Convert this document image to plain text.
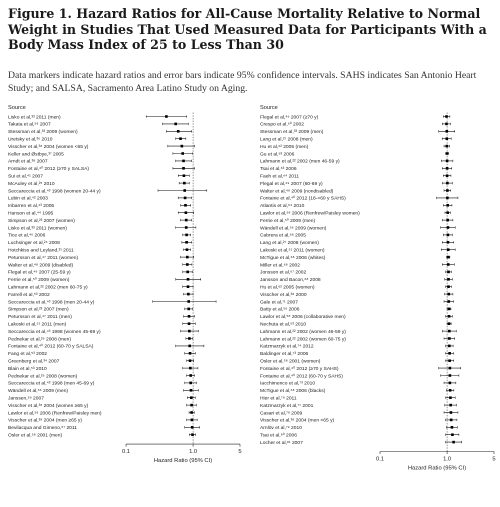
Figure 1. Hazard Ratios for All-Cause Mortality Relative to Normal Weight in Studies That Used Measured Data for Participants With a Body Mass Index of 25 to Less Than 30

Data markers indicate hazard ratios and error bars indicate 95% confidence intervals. SAHS indicates San Antonio Heart Study; and SALSA, Sacramento Area Latino Study on Aging.

Source
Lisko et al,³³ 2011 (men)
Takata et al,⁵⁸ 2007
Stessman et al,³³ 2009 (women)
Uretsky et al,³⁶ 2010
Visscher et al,³⁸ 2004 (women <65 y)
Keller and Østbye,³⁷ 2005
Arndt et al,³⁸ 2007
Fontaine et al,⁴⁰ 2012 (≥70 y SALSA)
Sui et al,⁴¹ 2007
McAuley et al,²⁵ 2010
Seccareccia et al,⁴³ 1998 (women 20-44 y)
Lubin et al,⁴² 2003
Inbarren et al,⁴³ 2005
Hanson et al,⁴⁴ 1995
Simpson et al,²³ 2007 (women)
Lisko et al,³³ 2011 (women)
Tice et al,⁴⁶ 2006
Luchsinger et al,²⁴ 2008
Hotchkiss and Leyland,³¹ 2011
Petursson et al,⁴⁷ 2011 (women)
Walter et al,⁴⁸ 2009 (disabled)
Flegal et al,⁴⁹ 2007 (25-59 y)
Ferrie et al,⁵⁰ 2009 (women)
Lahmann et al,²² 2002 (men 60-75 y)
Farrell et al,⁵³ 2002
Seccareccia et al,⁴³ 1998 (men 20-44 y)
Simpson et al,²³ 2007 (men)
Petursson et al,⁴⁷ 2011 (men)
Lakoski et al,⁵¹ 2011 (men)
Seccareccia et al,⁴³ 1998 (women 45-69 y)
Pednekar et al,²⁹ 2008 (men)
Fontaine et al,⁴⁰ 2012 (60-70 y SALSA)
Fang et al,⁵³ 2002
Greenberg et al,³⁴ 2007
Blain et al,⁵³ 2010
Pednekar et al,²⁹ 2008 (women)
Seccareccia et al,⁴³ 1998 (men 45-69 y)
Wändell et al,⁵⁶ 2009 (men)
Janssen,⁵⁹ 2007
Visscher et al,³⁸ 2004 (women ≥65 y)
Lawlor et al,⁵⁸ 2006 (Renfrew/Paisley men)
Visscher et al,³⁸ 2004 (men ≥65 y)
Bevilacqua and Gimeno,⁵⁷ 2011
Osler et al,⁵⁸ 2001 (men)
0.1	1.0	5
Hazard Ratio (95% CI)
Source
Flegal et al,⁴⁹ 2007 (≥70 y)
Crespo et al,⁶⁰ 2002
Stessman et al,³³ 2009 (men)
Lang et al,²⁷ 2008 (men)
Hu et al,⁶² 2005 (men)
Gu et al,⁶³ 2006
Lahmann et al,²² 2002 (men 46-59 y)
Tsai et al,⁶³ 2006
Faeh et al,⁶⁴ 2011
Flegal et al,⁴⁹ 2007 (60-69 y)
Walter et al,⁴⁸ 2009 (nondisabled)
Fontaine et al,⁴⁰ 2012 (18-<60 y SAHS)
Atlantis et al,⁶⁴ 2010
Lawlor et al,⁵⁸ 2006 (Renfrew/Paisley women)
Ferrie et al,⁵⁰ 2009 (men)
Wändell et al,⁵⁶ 2009 (women)
Cabrera et al,⁶⁸ 2005
Lang et al,²⁷ 2008 (women)
Lakoski et al,⁵¹ 2011 (women)
McTigue et al,⁶⁸ 2006 (whites)
Miller et al,⁶⁸ 2002
Jonsson et al,⁶⁷ 2002
Jansson and Bacon,⁶⁸ 2008
Hu et al,⁶² 2005 (women)
Visscher et al,³⁸ 2000
Gale et al,⁷¹ 2007
Batty et al,⁵⁹ 2006
Lawlor et al,⁵⁸ 2006 (collaborative men)
Nechuta et al,⁵³ 2010
Lahmann et al,²² 2002 (women 46-59 y)
Lahmann et al,²² 2002 (women 60-75 y)
Katzmarzyk et al,⁷⁴ 2012
Baldinger et al,⁷³ 2006
Osler et al,⁵⁸ 2001 (women)
Fontaine et al,⁴⁰ 2012 (≥70 y SAHS)
Fontaine et al,⁴⁰ 2012 (60-70 y SAHS)
Iacchimenco et al,⁷³ 2010
McTigue et al,⁶⁸ 2006 (blacks)
Hier et al,⁷⁸ 2011
Katzmarzyk et al,⁷⁷ 2001
Casari et al,⁷⁸ 2009
Visscher et al,³⁸ 2004 (men <65 y)
Arnlöv et al,⁷⁹ 2010
Tsai et al,⁸⁰ 2006
Locher et al,⁸¹ 2007
0.1	1.0	5
Hazard Ratio (95% CI)
